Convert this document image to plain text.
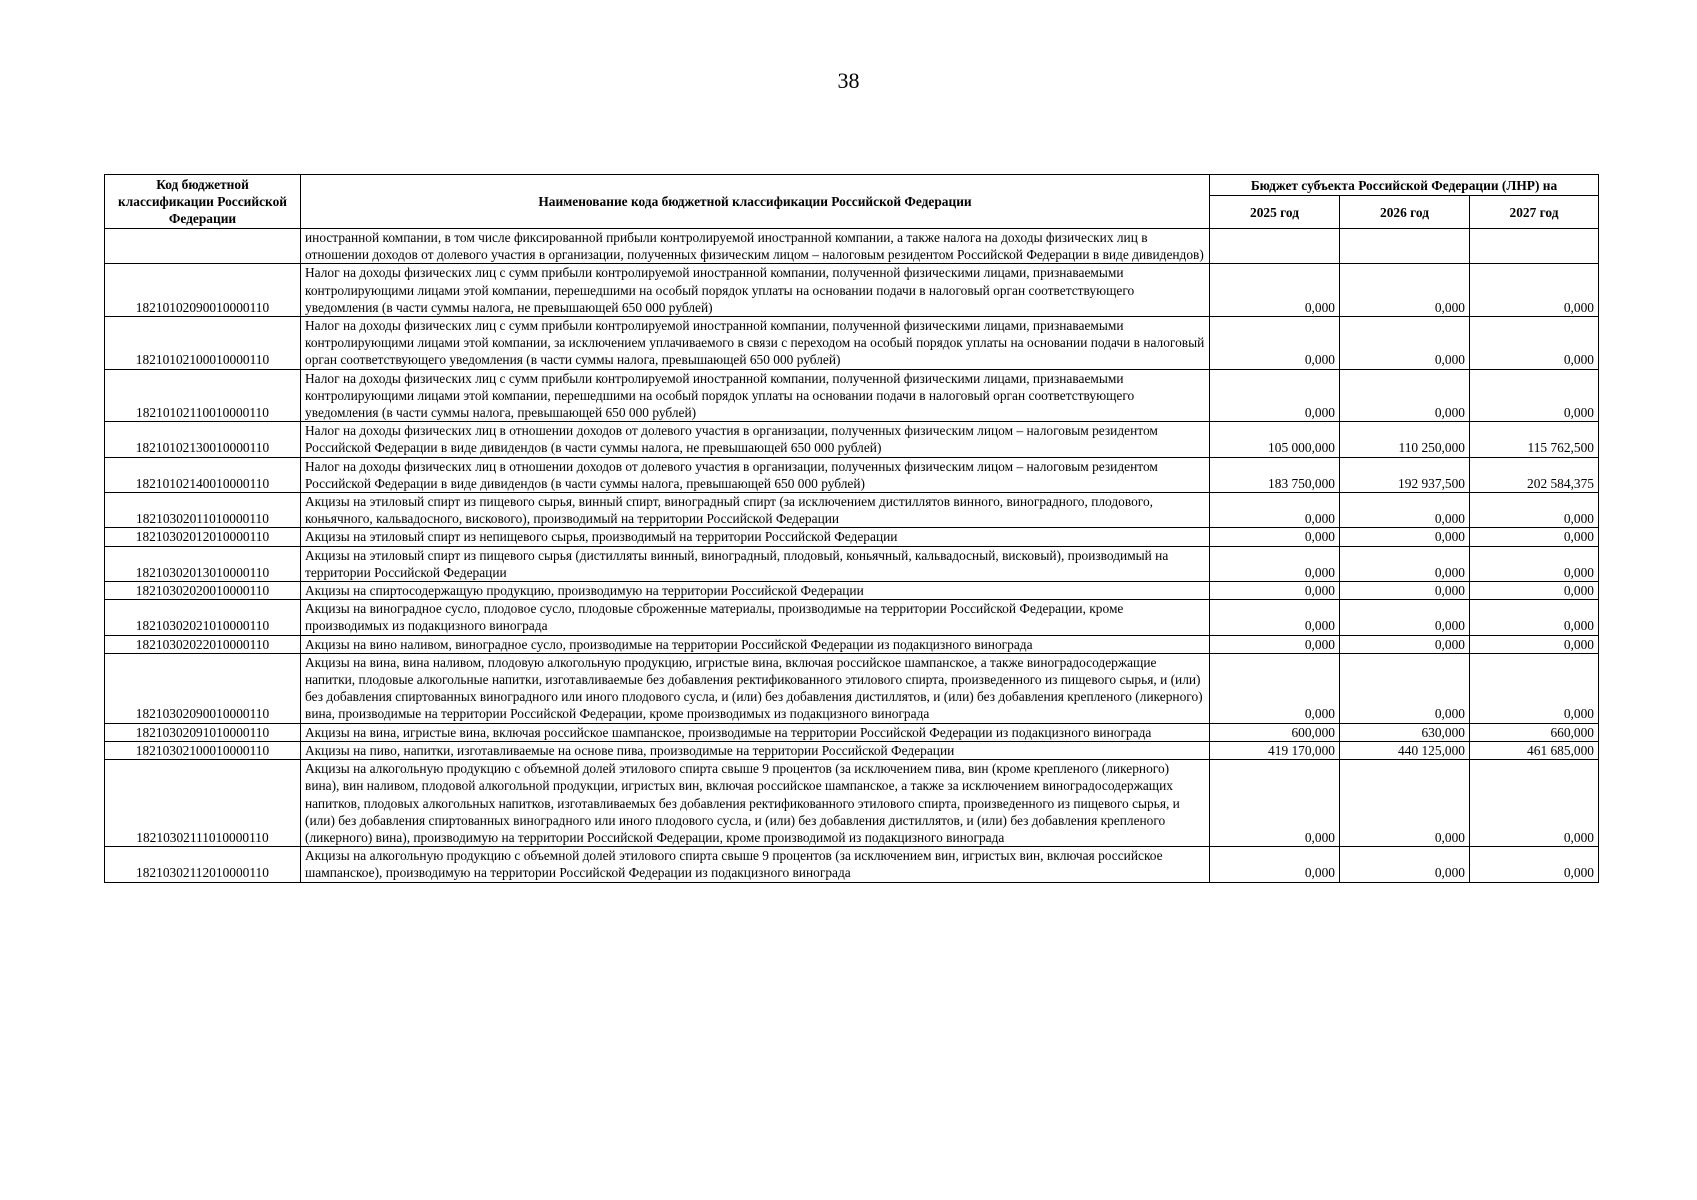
38
Код бюджетной классификации Российской Федерации	Наименование кода бюджетной классификации Российской Федерации	Бюджет субъекта Российской Федерации (ЛНР) на		
		2025 год	2026 год	2027 год
	иностранной компании, в том числе фиксированной прибыли контролируемой иностранной компании, а также налога на доходы физических лиц в отношении доходов от долевого участия в организации, полученных физическим лицом – налоговым резидентом Российской Федерации в виде дивидендов)			
18210102090010000110	Налог на доходы физических лиц с сумм прибыли контролируемой иностранной компании, полученной физическими лицами, признаваемыми контролирующими лицами этой компании, перешедшими на особый порядок уплаты на основании подачи в налоговый орган соответствующего уведомления (в части суммы налога, не превышающей 650 000 рублей)	0,000	0,000	0,000
18210102100010000110	Налог на доходы физических лиц с сумм прибыли контролируемой иностранной компании, полученной физическими лицами, признаваемыми контролирующими лицами этой компании, за исключением уплачиваемого в связи с переходом на особый порядок уплаты на основании подачи в налоговый орган соответствующего уведомления (в части суммы налога, превышающей 650 000 рублей)	0,000	0,000	0,000
18210102110010000110	Налог на доходы физических лиц с сумм прибыли контролируемой иностранной компании, полученной физическими лицами, признаваемыми контролирующими лицами этой компании, перешедшими на особый порядок уплаты на основании подачи в налоговый орган соответствующего уведомления (в части суммы налога, превышающей 650 000 рублей)	0,000	0,000	0,000
18210102130010000110	Налог на доходы физических лиц в отношении доходов от долевого участия в организации, полученных физическим лицом – налоговым резидентом Российской Федерации в виде дивидендов (в части суммы налога, не превышающей 650 000 рублей)	105 000,000	110 250,000	115 762,500
18210102140010000110	Налог на доходы физических лиц в отношении доходов от долевого участия в организации, полученных физическим лицом – налоговым резидентом Российской Федерации в виде дивидендов (в части суммы налога, превышающей 650 000 рублей)	183 750,000	192 937,500	202 584,375
18210302011010000110	Акцизы на этиловый спирт из пищевого сырья, винный спирт, виноградный спирт (за исключением дистиллятов винного, виноградного, плодового, коньячного, кальвадосного, вискового), производимый на территории Российской Федерации	0,000	0,000	0,000
18210302012010000110	Акцизы на этиловый спирт из непищевого сырья, производимый на территории Российской Федерации	0,000	0,000	0,000
18210302013010000110	Акцизы на этиловый спирт из пищевого сырья (дистилляты винный, виноградный, плодовый, коньячный, кальвадосный, висковый), производимый на территории Российской Федерации	0,000	0,000	0,000
18210302020010000110	Акцизы на спиртосодержащую продукцию, производимую на территории Российской Федерации	0,000	0,000	0,000
18210302021010000110	Акцизы на виноградное сусло, плодовое сусло, плодовые сброженные материалы, производимые на территории Российской Федерации, кроме производимых из подакцизного винограда	0,000	0,000	0,000
18210302022010000110	Акцизы на вино наливом, виноградное сусло, производимые на территории Российской Федерации из подакцизного винограда	0,000	0,000	0,000
18210302090010000110	Акцизы на вина, вина наливом, плодовую алкогольную продукцию, игристые вина, включая российское шампанское, а также виноградосодержащие напитки, плодовые алкогольные напитки, изготавливаемые без добавления ректификованного этилового спирта, произведенного из пищевого сырья, и (или) без добавления спиртованных виноградного или иного плодового сусла, и (или) без добавления дистиллятов, и (или) без добавления крепленого (ликерного) вина, производимые на территории Российской Федерации, кроме производимых из подакцизного винограда	0,000	0,000	0,000
18210302091010000110	Акцизы на вина, игристые вина, включая российское шампанское, производимые на территории Российской Федерации из подакцизного винограда	600,000	630,000	660,000
18210302100010000110	Акцизы на пиво, напитки, изготавливаемые на основе пива, производимые на территории Российской Федерации	419 170,000	440 125,000	461 685,000
18210302111010000110	Акцизы на алкогольную продукцию с объемной долей этилового спирта свыше 9 процентов (за исключением пива, вин (кроме крепленого (ликерного) вина), вин наливом, плодовой алкогольной продукции, игристых вин, включая российское шампанское, а также за исключением виноградосодержащих напитков, плодовых алкогольных напитков, изготавливаемых без добавления ректификованного этилового спирта, произведенного из пищевого сырья, и (или) без добавления спиртованных виноградного или иного плодового сусла, и (или) без добавления дистиллятов, и (или) без добавления крепленого (ликерного) вина), производимую на территории Российской Федерации, кроме производимой из подакцизного винограда	0,000	0,000	0,000
18210302112010000110	Акцизы на алкогольную продукцию с объемной долей этилового спирта свыше 9 процентов (за исключением вин, игристых вин, включая российское шампанское), производимую на территории Российской Федерации из подакцизного винограда	0,000	0,000	0,000
